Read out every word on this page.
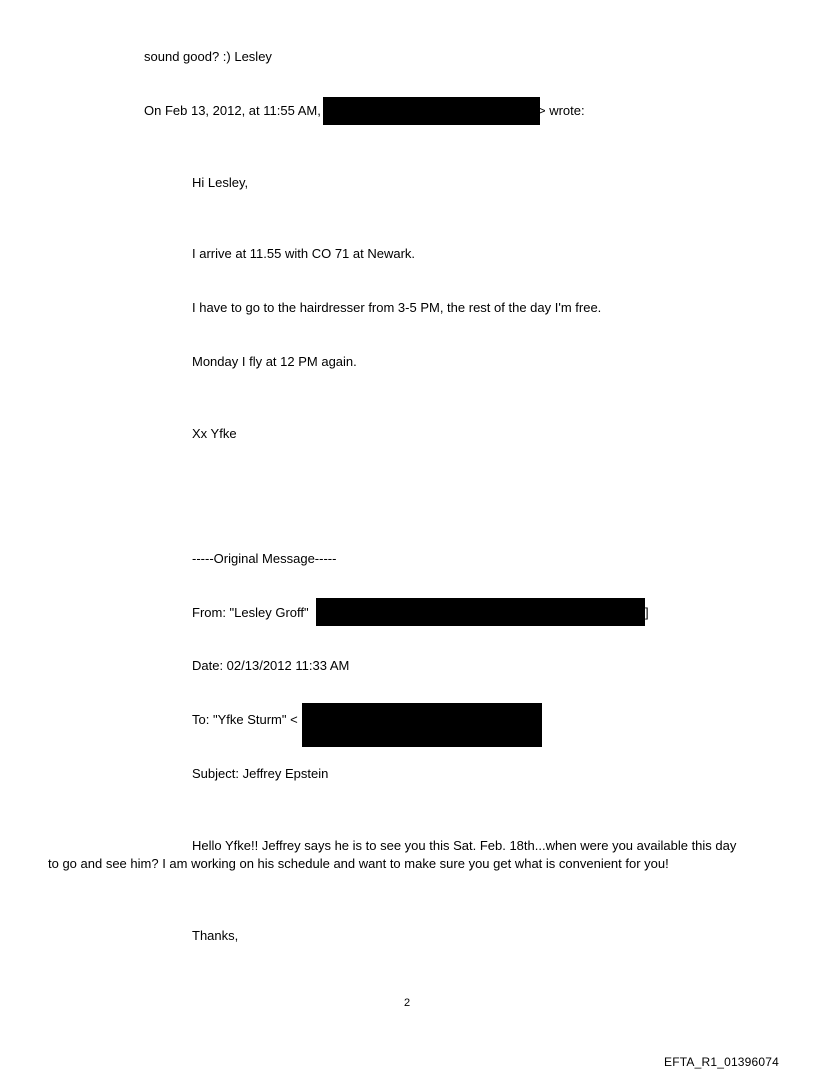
sound good? :) Lesley
On Feb 13, 2012, at 11:55 AM,	> wrote:
Hi Lesley,
I arrive at 11.55 with CO 71 at Newark.
I have to go to the hairdresser from 3-5 PM, the rest of the day I'm free.
Monday I fly at 12 PM again.
Xx Yfke
-----Original Message-----
From: "Lesley Groff"	]
Date: 02/13/2012 11:33 AM
To: "Yfke Sturm" <
Subject: Jeffrey Epstein
Hello Yfke!! Jeffrey says he is to see you this Sat. Feb. 18th...when were you available this day
to go and see him? I am working on his schedule and want to make sure you get what is convenient for you!
Thanks,
2
EFTA_R1_01396074
